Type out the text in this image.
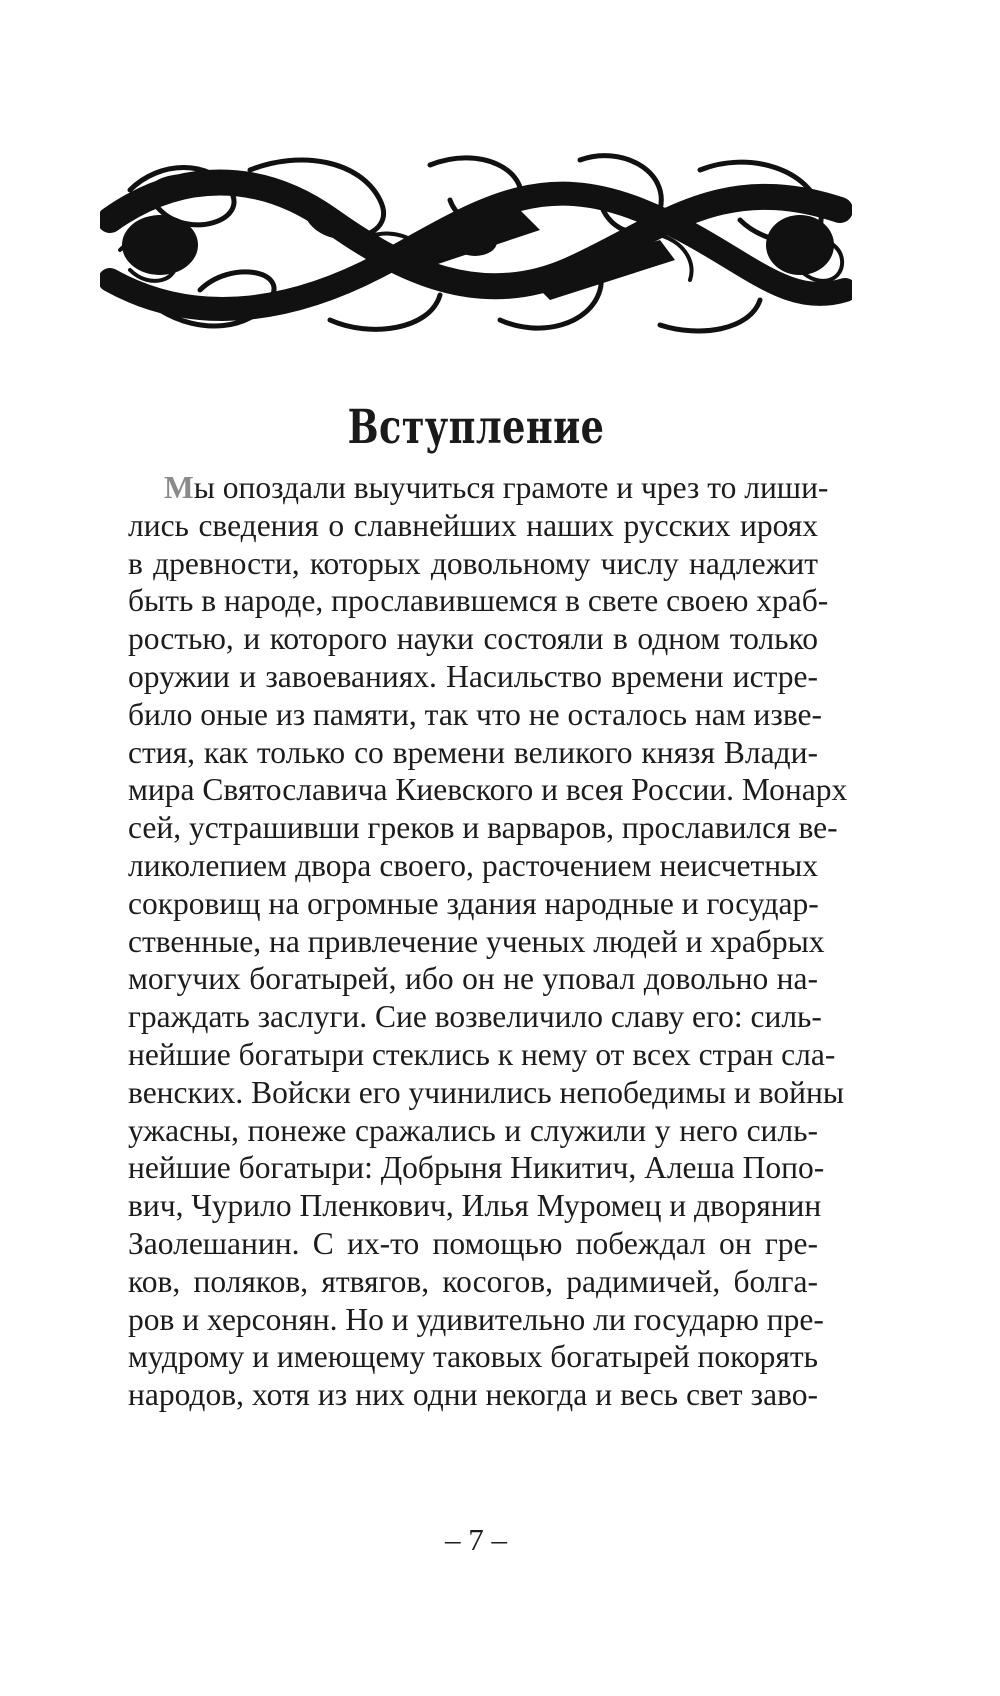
Вступление
Мы опоздали выучиться грамоте и чрез то лиши-
лись сведения о славнейших наших русских ироях
в древности, которых довольному числу надлежит
быть в народе, прославившемся в свете своею храб-
ростью, и которого науки состояли в одном только
оружии и завоеваниях. Насильство времени истре-
било оные из памяти, так что не осталось нам изве-
стия, как только со времени великого князя Влади-
мира Святославича Киевского и всея России. Монарх
сей, устрашивши греков и варваров, прославился ве-
ликолепием двора своего, расточением неисчетных
сокровищ на огромные здания народные и государ-
ственные, на привлечение ученых людей и храбрых
могучих богатырей, ибо он не уповал довольно на-
граждать заслуги. Сие возвеличило славу его: силь-
нейшие богатыри стеклись к нему от всех стран сла-
венских. Войски его учинились непобедимы и войны
ужасны, понеже сражались и служили у него силь-
нейшие богатыри: Добрыня Никитич, Алеша Попо-
вич, Чурило Пленкович, Илья Муромец и дворянин
Заолешанин. С их-то помощью побеждал он гре-
ков, поляков, ятвягов, косогов, радимичей, болга-
ров и херсонян. Но и удивительно ли государю пре-
мудрому и имеющему таковых богатырей покорять
народов, хотя из них одни некогда и весь свет заво-
– 7 –
